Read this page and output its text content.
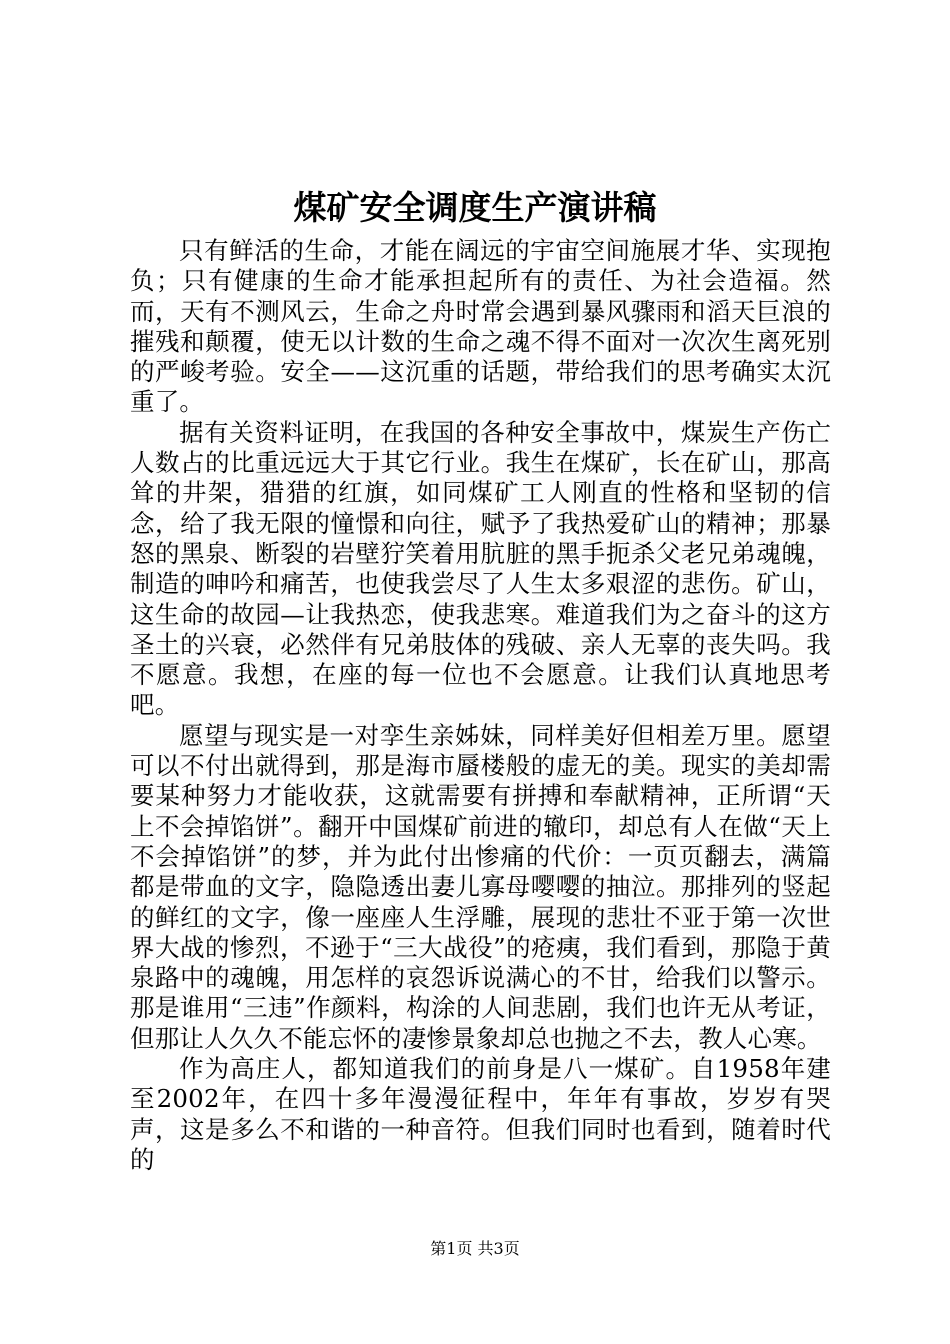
煤矿安全调度生产演讲稿

只有鲜活的生命，才能在阔远的宇宙空间施展才华、实现抱负；只有健康的生命才能承担起所有的责任、为社会造福。然而，天有不测风云，生命之舟时常会遇到暴风骤雨和滔天巨浪的摧残和颠覆，使无以计数的生命之魂不得不面对一次次生离死别的严峻考验。安全——这沉重的话题，带给我们的思考确实太沉重了。

据有关资料证明，在我国的各种安全事故中，煤炭生产伤亡人数占的比重远远大于其它行业。我生在煤矿，长在矿山，那高耸的井架，猎猎的红旗，如同煤矿工人刚直的性格和坚韧的信念，给了我无限的憧憬和向往，赋予了我热爱矿山的精神；那暴怒的黑泉、断裂的岩壁狞笑着用肮脏的黑手扼杀父老兄弟魂魄，制造的呻吟和痛苦，也使我尝尽了人生太多艰涩的悲伤。矿山，这生命的故园—让我热恋，使我悲寒。难道我们为之奋斗的这方圣土的兴衰，必然伴有兄弟肢体的残破、亲人无辜的丧失吗。我不愿意。我想，在座的每一位也不会愿意。让我们认真地思考吧。

愿望与现实是一对孪生亲姊妹，同样美好但相差万里。愿望可以不付出就得到，那是海市蜃楼般的虚无的美。现实的美却需要某种努力才能收获，这就需要有拼搏和奉献精神，正所谓“天上不会掉馅饼”。翻开中国煤矿前进的辙印，却总有人在做“天上不会掉馅饼”的梦，并为此付出惨痛的代价：一页页翻去，满篇都是带血的文字，隐隐透出妻儿寡母嘤嘤的抽泣。那排列的竖起的鲜红的文字，像一座座人生浮雕，展现的悲壮不亚于第一次世界大战的惨烈，不逊于“三大战役”的疮痍，我们看到，那隐于黄泉路中的魂魄，用怎样的哀怨诉说满心的不甘，给我们以警示。那是谁用“三违”作颜料，构涂的人间悲剧，我们也许无从考证，但那让人久久不能忘怀的凄惨景象却总也抛之不去，教人心寒。

作为高庄人，都知道我们的前身是八一煤矿。自1958年建至2002年，在四十多年漫漫征程中，年年有事故，岁岁有哭声，这是多么不和谐的一种音符。但我们同时也看到，随着时代的

第1页 共3页
